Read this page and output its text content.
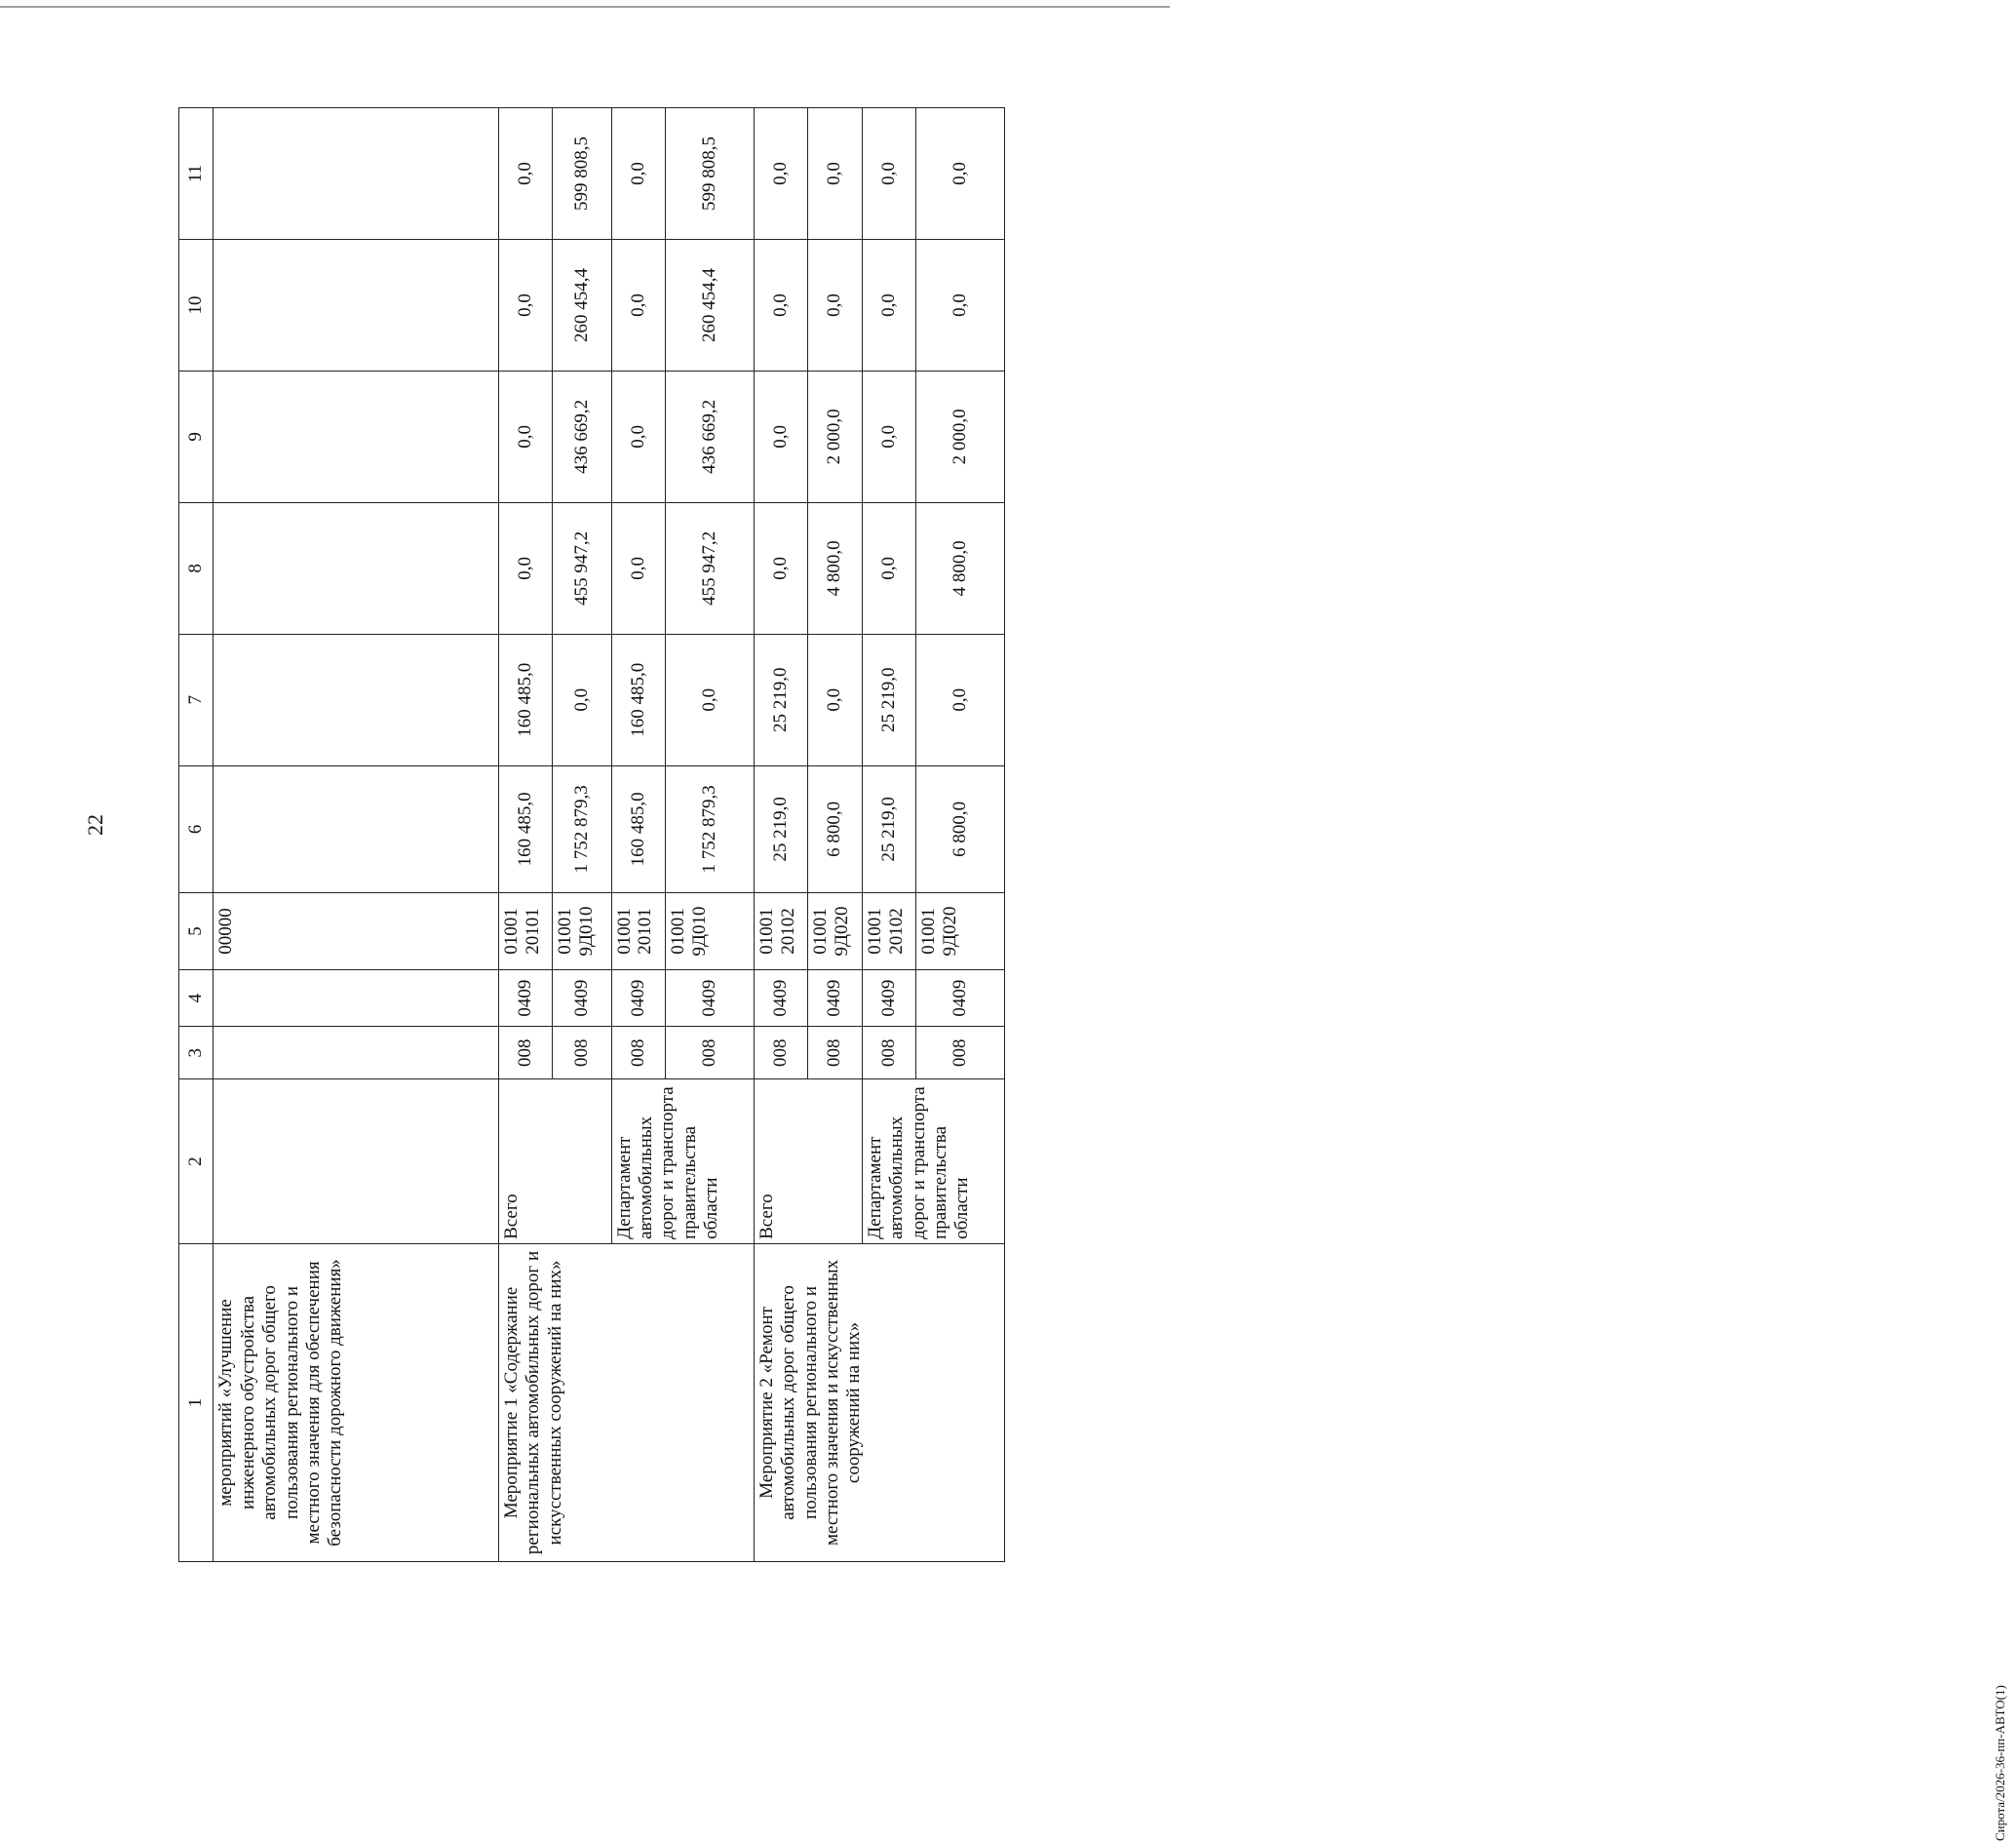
22
Сирота/2026-36-пп-АВТО(1)
1	2	3	4	5	6	7	8	9	10	11
мероприятий «Улучшение инженерного обустройства автомобильных дорог общего пользования регионального и местного значения для обеспечения безопасности дорожного движения»				00000						
Мероприятие 1 «Содержание региональных автомобильных дорог и искусственных сооружений на них»	Всего	008	0409	01001 20101	160 485,0	160 485,0	0,0	0,0	0,0	0,0
		008	0409	01001 9Д010	1 752 879,3	0,0	455 947,2	436 669,2	260 454,4	599 808,5
	Департамент автомобильных дорог и транспорта правительства области	008	0409	01001 20101	160 485,0	160 485,0	0,0	0,0	0,0	0,0
		008	0409	01001 9Д010	1 752 879,3	0,0	455 947,2	436 669,2	260 454,4	599 808,5
Мероприятие 2 «Ремонт автомобильных дорог общего пользования регионального и местного значения и искусственных сооружений на них»	Всего	008	0409	01001 20102	25 219,0	25 219,0	0,0	0,0	0,0	0,0
		008	0409	01001 9Д020	6 800,0	0,0	4 800,0	2 000,0	0,0	0,0
	Департамент автомобильных дорог и транспорта правительства области	008	0409	01001 20102	25 219,0	25 219,0	0,0	0,0	0,0	0,0
		008	0409	01001 9Д020	6 800,0	0,0	4 800,0	2 000,0	0,0	0,0
